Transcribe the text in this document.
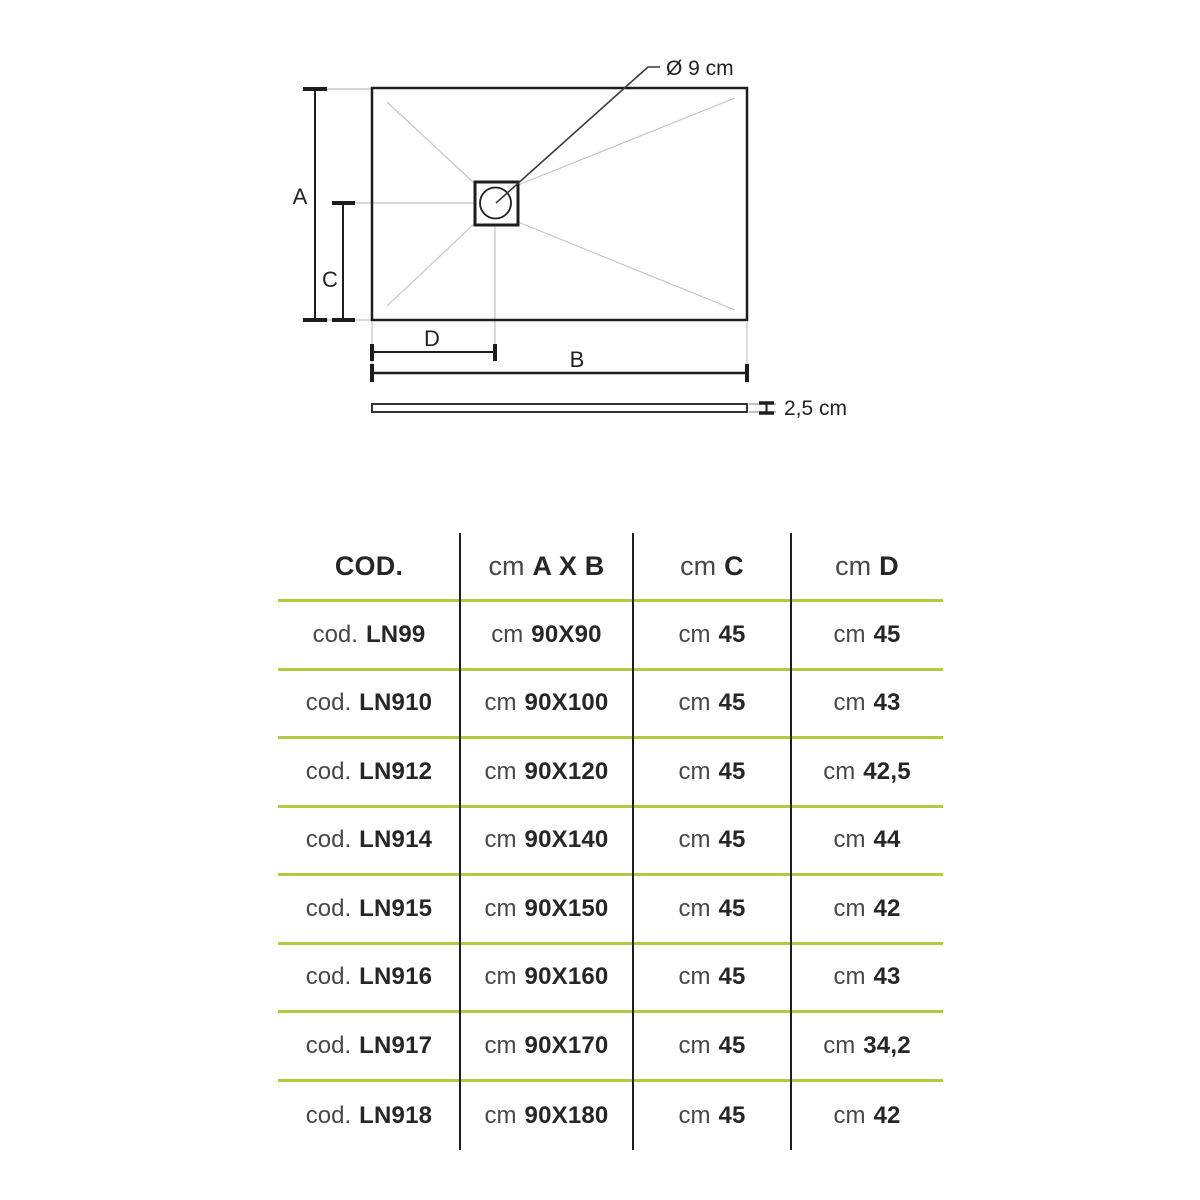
Ø 9 cm
A
C
D
B
2,5 cm
COD.	cm A X B	cm C	cm D
cod. LN99	cm 90X90	cm 45	cm 45
cod. LN910 cm 90X100	cm 45	cm 43
cod. LN912 cm 90X120	cm 45	cm 42,5
cod. LN914 cm 90X140	cm 45	cm 44
cod. LN915 cm 90X150	cm 45	cm 42
cod. LN916 cm 90X160	cm 45	cm 43
cod. LN917 cm 90X170	cm 45	cm 34,2
cod. LN918 cm 90X180	cm 45	cm 42
